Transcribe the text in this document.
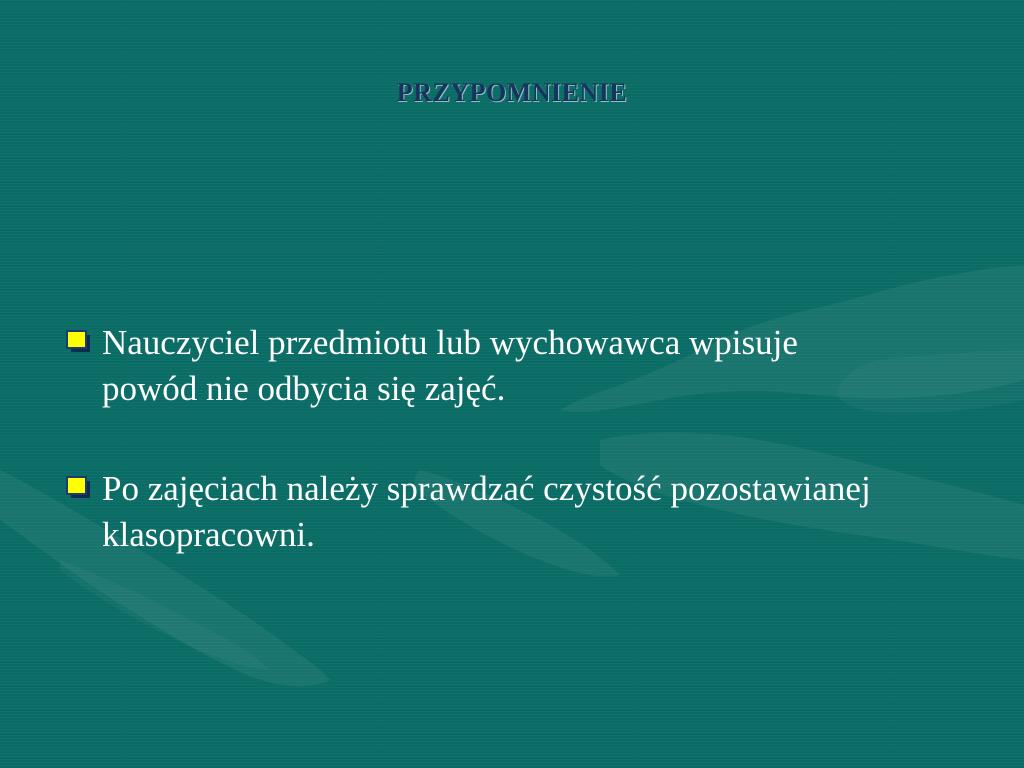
PRZYPOMNIENIE
Nauczyciel przedmiotu lub wychowawca wpisuje powód nie odbycia się zajęć.
Po zajęciach należy sprawdzać czystość pozostawianej klasopracowni.
